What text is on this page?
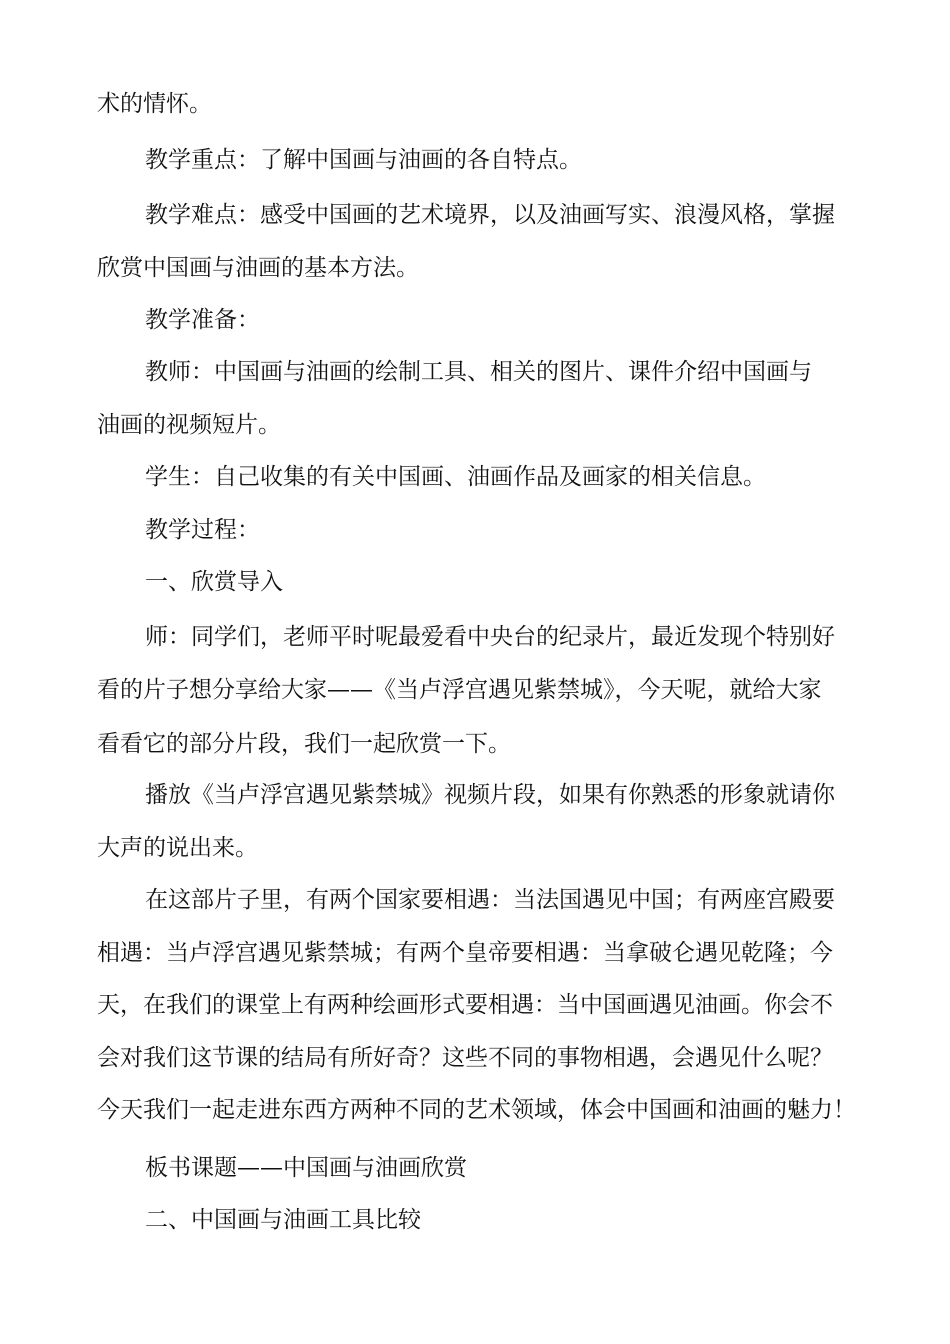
术的情怀。
教学重点：了解中国画与油画的各自特点。
教学难点：感受中国画的艺术境界，以及油画写实、浪漫风格，掌握
欣赏中国画与油画的基本方法。
教学准备：
教师：中国画与油画的绘制工具、相关的图片、课件介绍中国画与
油画的视频短片。
学生：自己收集的有关中国画、油画作品及画家的相关信息。
教学过程：
一、欣赏导入
师：同学们，老师平时呢最爱看中央台的纪录片，最近发现个特别好
看的片子想分享给大家——《当卢浮宫遇见紫禁城》，今天呢，就给大家
看看它的部分片段，我们一起欣赏一下。
播放《当卢浮宫遇见紫禁城》视频片段，如果有你熟悉的形象就请你
大声的说出来。
在这部片子里，有两个国家要相遇：当法国遇见中国；有两座宫殿要
相遇：当卢浮宫遇见紫禁城；有两个皇帝要相遇：当拿破仑遇见乾隆；今
天，在我们的课堂上有两种绘画形式要相遇：当中国画遇见油画。你会不
会对我们这节课的结局有所好奇？这些不同的事物相遇，会遇见什么呢？
今天我们一起走进东西方两种不同的艺术领域，体会中国画和油画的魅力！
板书课题——中国画与油画欣赏
二、中国画与油画工具比较
